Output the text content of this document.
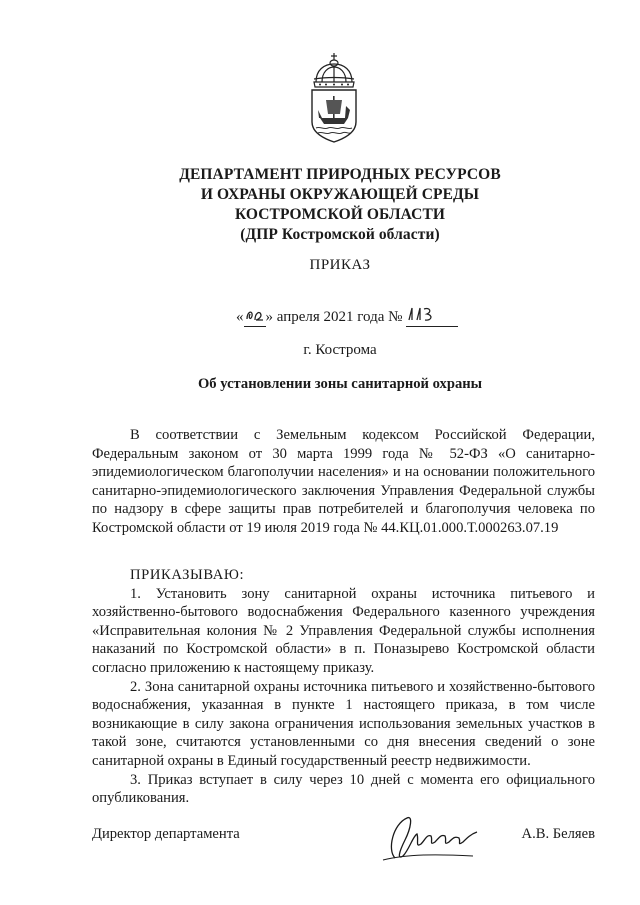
ДЕПАРТАМЕНТ ПРИРОДНЫХ РЕСУРСОВ
И ОХРАНЫ ОКРУЖАЮЩЕЙ СРЕДЫ
КОСТРОМСКОЙ ОБЛАСТИ
(ДПР Костромской области)
ПРИКАЗ
« » апреля 2021 года №
г. Кострома
Об установлении зоны санитарной охраны

В соответствии с Земельным кодексом Российской Федерации, Федеральным законом от 30 марта 1999 года № 52-ФЗ «О санитарно-эпидемиологическом благополучии населения» и на основании положительного санитарно-эпидемиологического заключения Управления Федеральной службы по надзору в сфере защиты прав потребителей и благополучия человека по Костромской области от 19 июля 2019 года № 44.КЦ.01.000.Т.000263.07.19

ПРИКАЗЫВАЮ:

1. Установить зону санитарной охраны источника питьевого и хозяйственно-бытового водоснабжения Федерального казенного учреждения «Исправительная колония № 2 Управления Федеральной службы исполнения наказаний по Костромской области» в п. Поназырево Костромской области согласно приложению к настоящему приказу.

2. Зона санитарной охраны источника питьевого и хозяйственно-бытового водоснабжения, указанная в пункте 1 настоящего приказа, в том числе возникающие в силу закона ограничения использования земельных участков в такой зоне, считаются установленными со дня внесения сведений о зоне санитарной охраны в Единый государственный реестр недвижимости.

3. Приказ вступает в силу через 10 дней с момента его официального опубликования.

Директор департамента	А.В. Беляев
